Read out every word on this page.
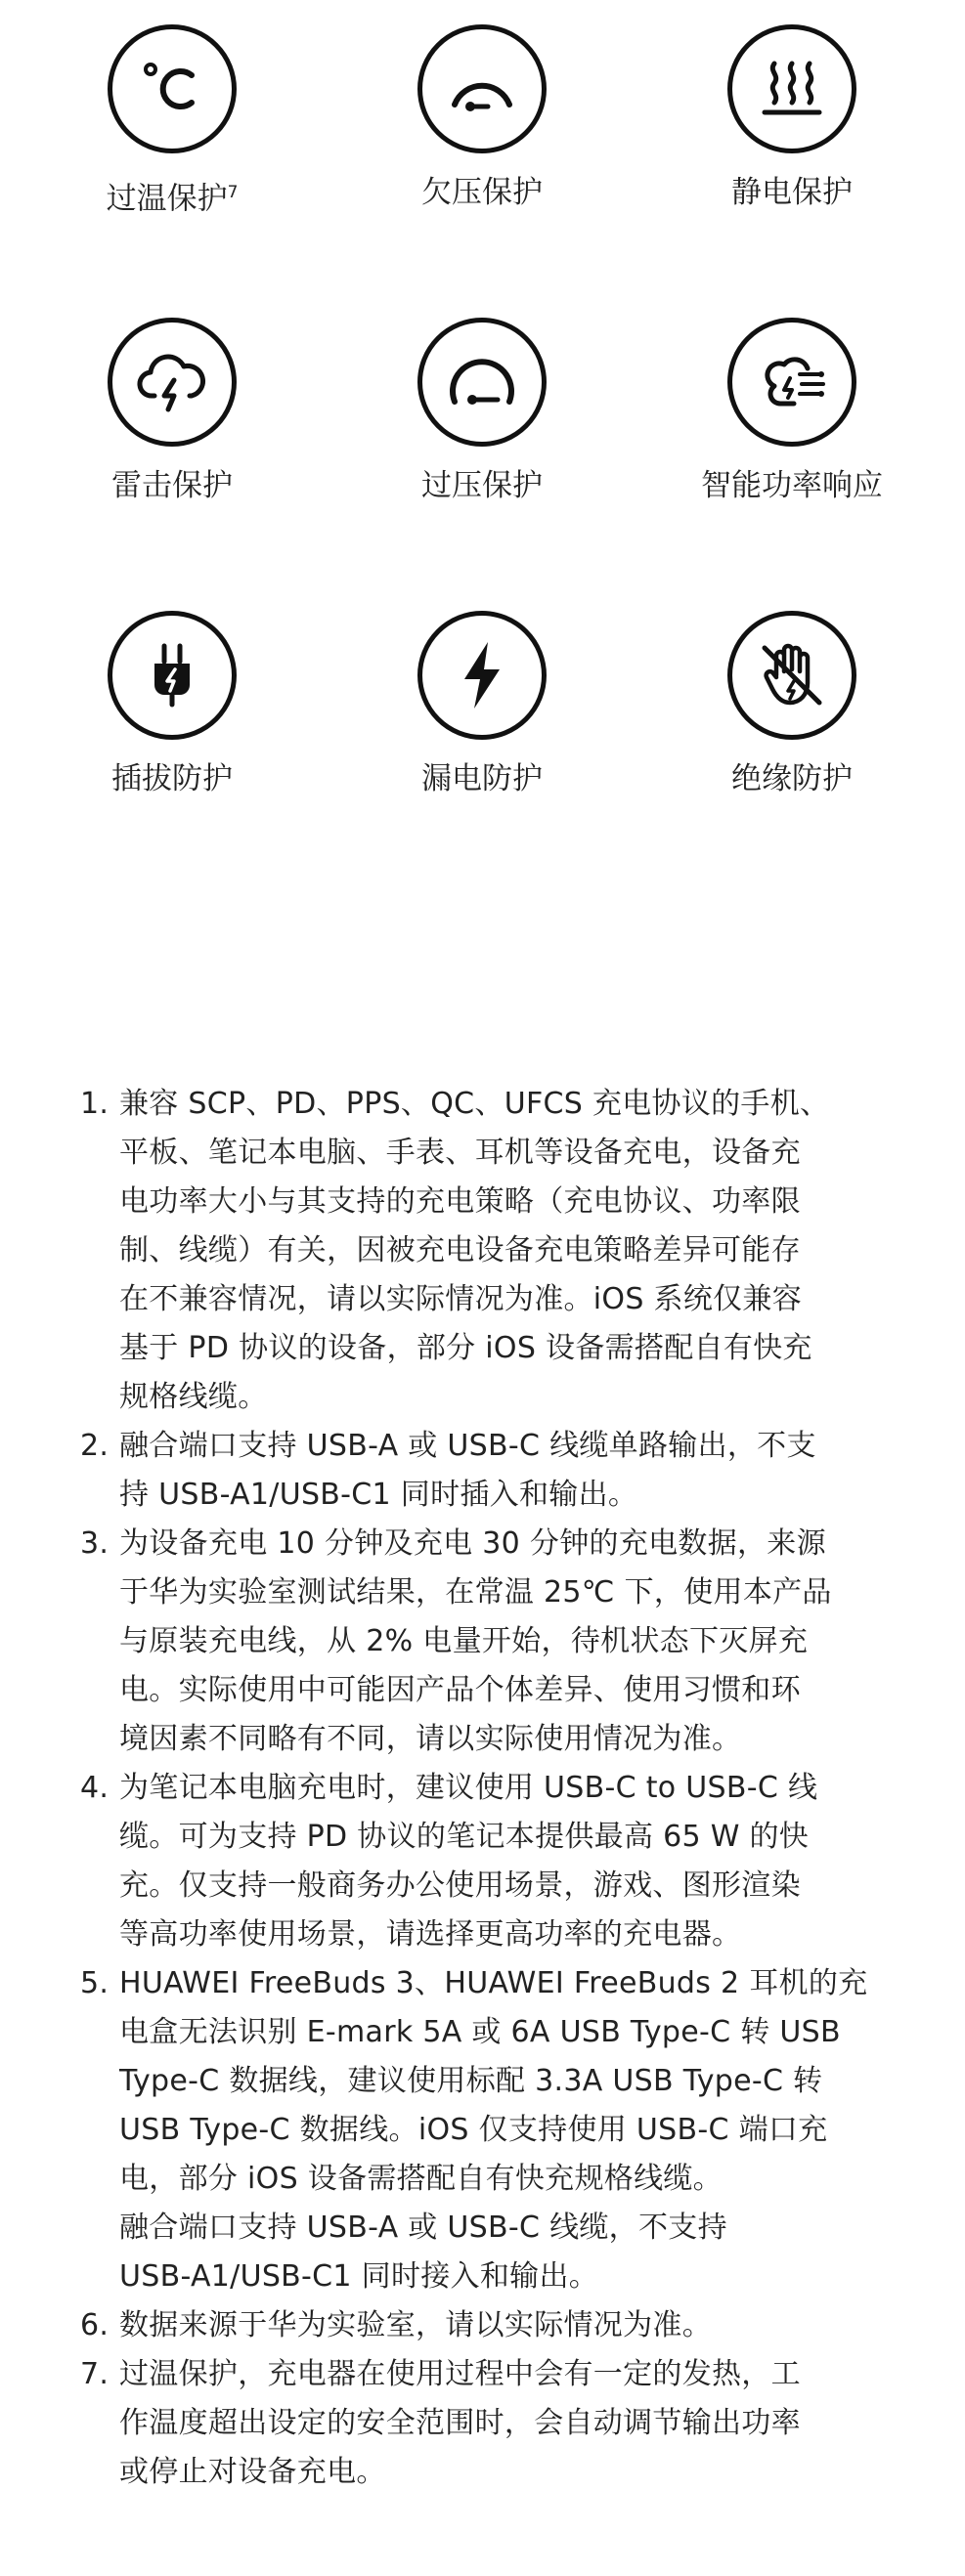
过温保护$^7$	欠压保护	静电保护
雷击保护	过压保护	智能功率响应
插拔防护	漏电防护	绝缘防护
1. 兼容 SCP、PD、PPS、QC、UFCS 充电协议的手机、
平板、笔记本电脑、手表、耳机等设备充电，设备充
电功率大小与其支持的充电策略（充电协议、功率限
制、线缆）有关，因被充电设备充电策略差异可能存
在不兼容情况，请以实际情况为准。iOS 系统仅兼容
基于 PD 协议的设备，部分 iOS 设备需搭配自有快充
规格线缆。
2. 融合端口支持 USB-A 或 USB-C 线缆单路输出，不支
持 USB-A1/USB-C1 同时插入和输出。
3. 为设备充电 10 分钟及充电 30 分钟的充电数据，来源
于华为实验室测试结果，在常温 25℃ 下，使用本产品
与原装充电线，从 2% 电量开始，待机状态下灭屏充
电。实际使用中可能因产品个体差异、使用习惯和环
境因素不同略有不同，请以实际使用情况为准。
4. 为笔记本电脑充电时，建议使用 USB-C to USB-C 线
缆。可为支持 PD 协议的笔记本提供最高 65 W 的快
充。仅支持一般商务办公使用场景，游戏、图形渲染
等高功率使用场景，请选择更高功率的充电器。
5. HUAWEI FreeBuds 3、HUAWEI FreeBuds 2 耳机的充
电盒无法识别 E-mark 5A 或 6A USB Type-C 转 USB
Type-C 数据线，建议使用标配 3.3A USB Type-C 转
USB Type-C 数据线。iOS 仅支持使用 USB-C 端口充
电，部分 iOS 设备需搭配自有快充规格线缆。
融合端口支持 USB-A 或 USB-C 线缆，不支持
USB-A1/USB-C1 同时接入和输出。
6. 数据来源于华为实验室，请以实际情况为准。
7. 过温保护，充电器在使用过程中会有一定的发热，工
作温度超出设定的安全范围时，会自动调节输出功率
或停止对设备充电。
